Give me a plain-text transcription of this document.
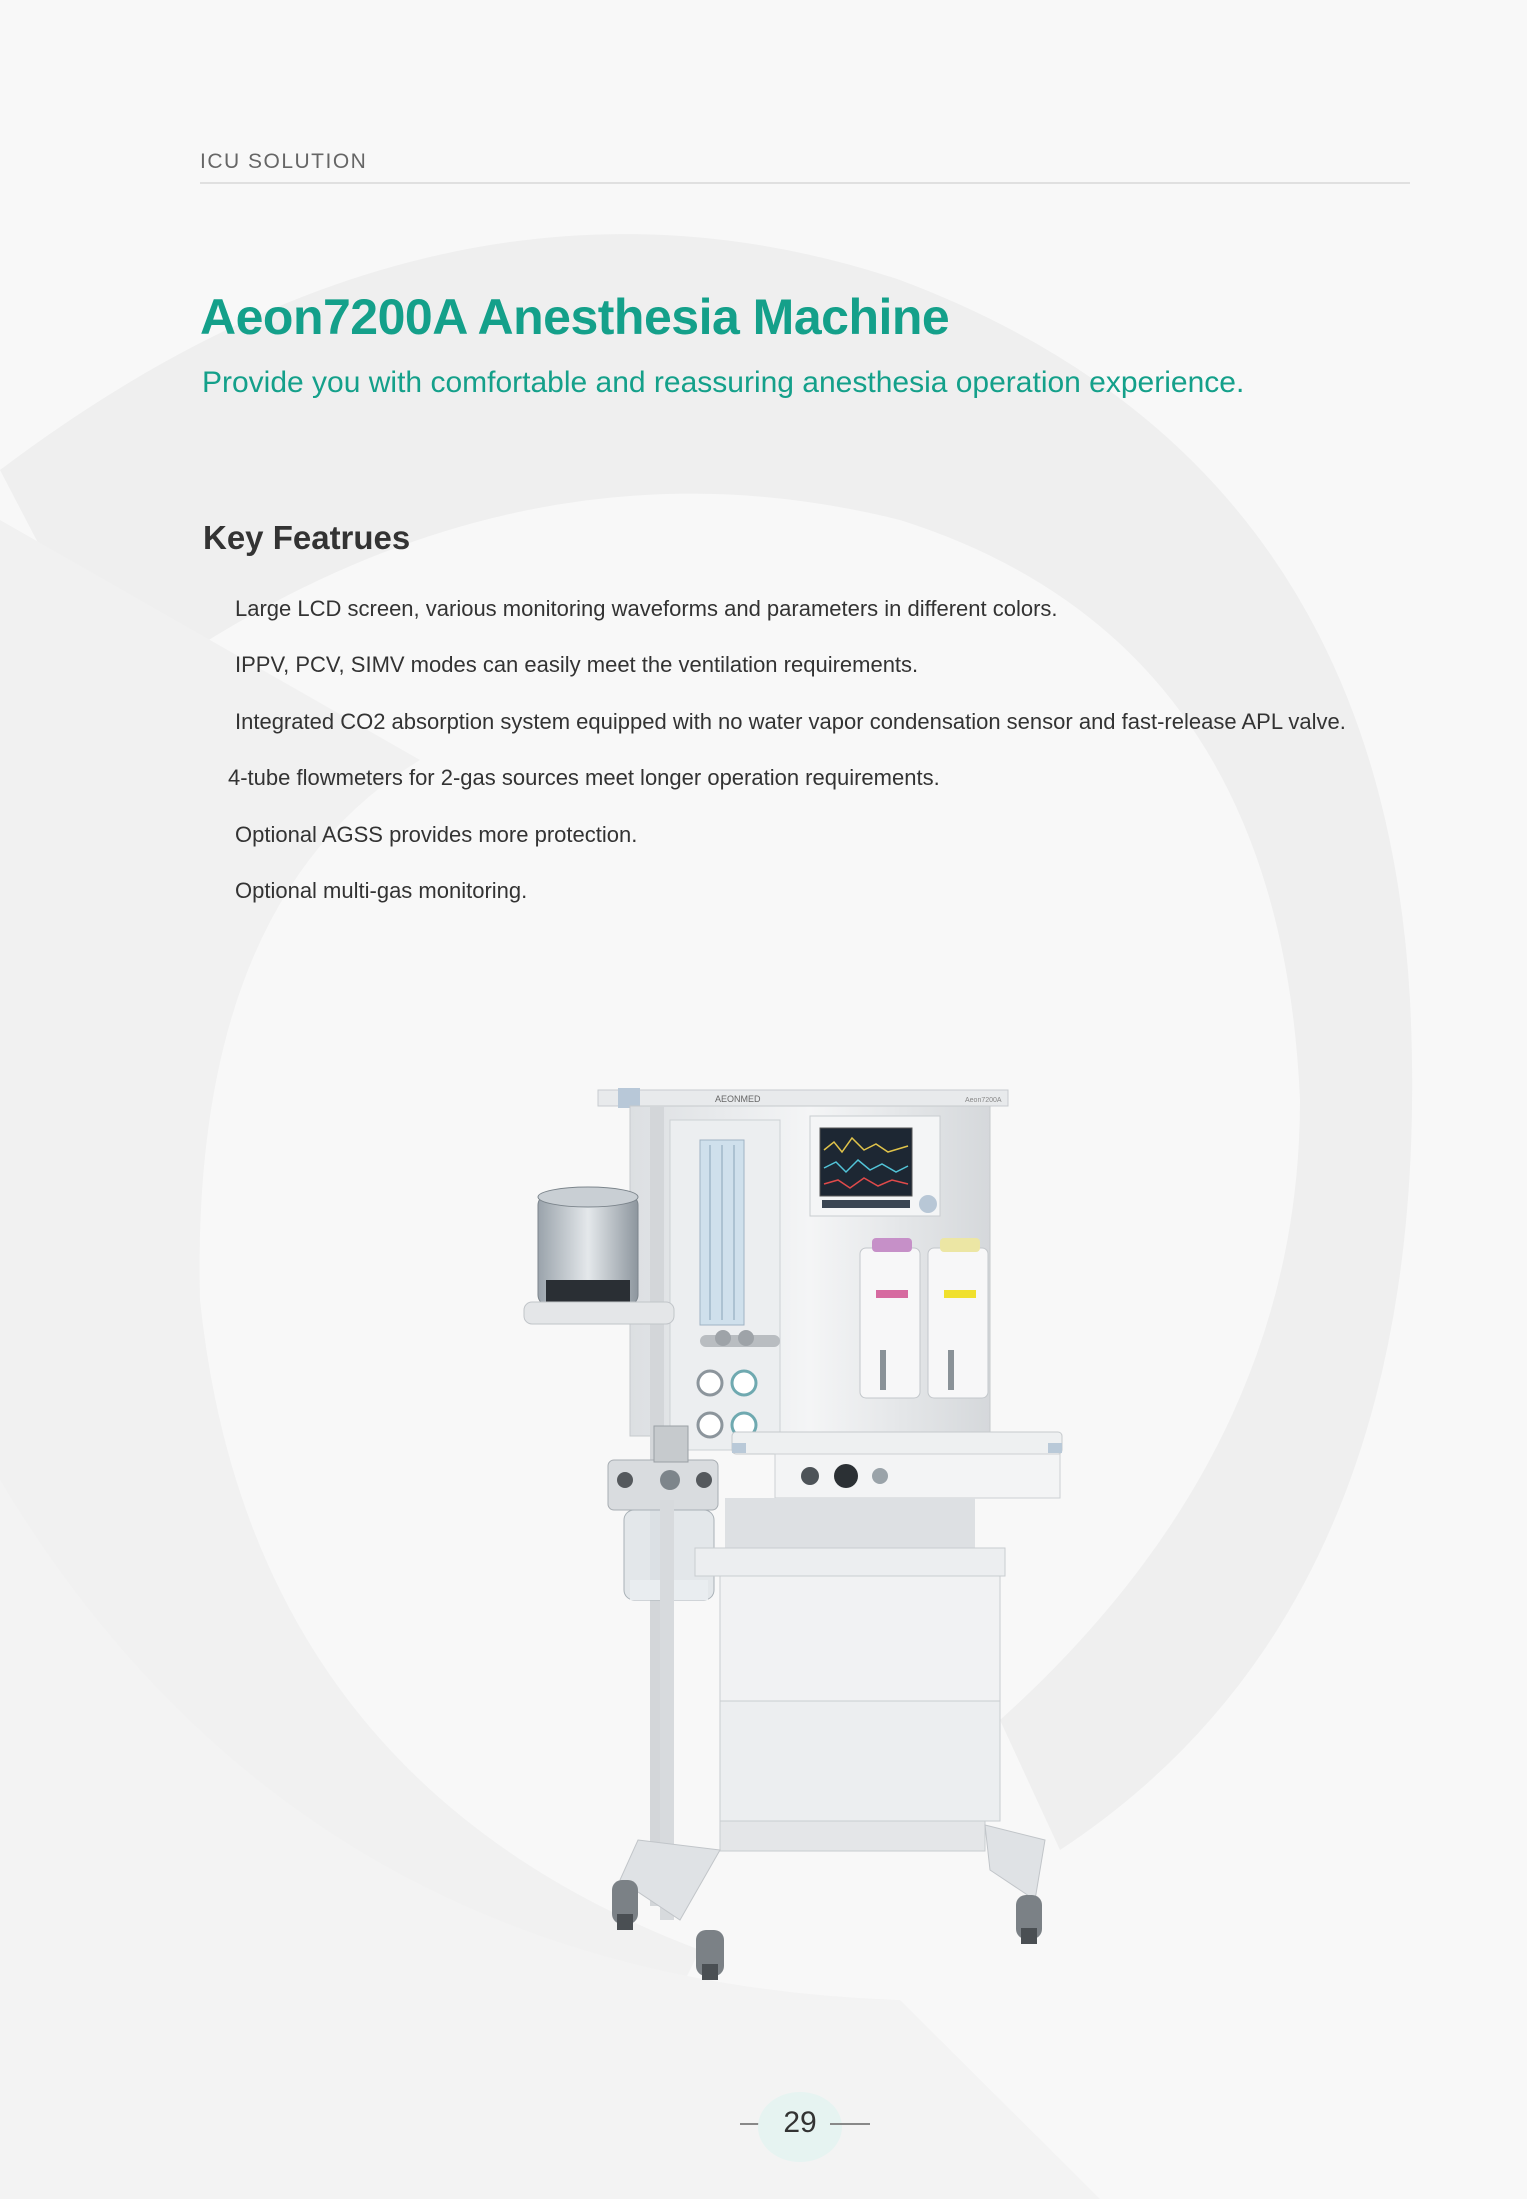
ICU SOLUTION
Aeon7200A Anesthesia Machine

Provide you with comfortable and reassuring anesthesia operation experience.

Key Featrues
Large LCD screen, various monitoring waveforms and parameters in different colors.
IPPV, PCV, SIMV modes can easily meet the ventilation requirements.
Integrated CO2 absorption system equipped with no water vapor condensation sensor and fast-release APL valve.
4-tube flowmeters for 2-gas sources meet longer operation requirements.
Optional AGSS provides more protection.
Optional multi-gas monitoring.
AEONMED	Aeon7200A
29
